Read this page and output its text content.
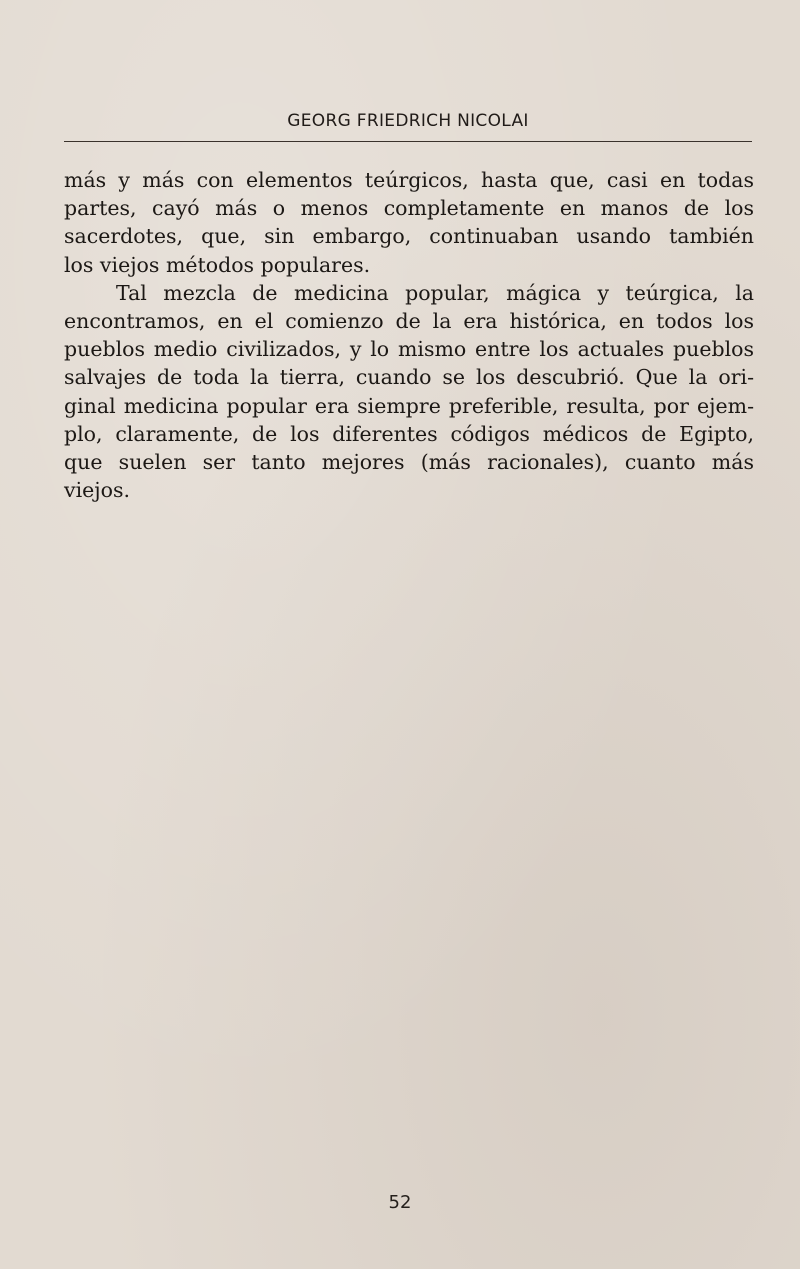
GEORG FRIEDRICH NICOLAI
más y más con elementos teúrgicos, hasta que, casi en todas
partes, cayó más o menos completamente en manos de los
sacerdotes, que, sin embargo, continuaban usando también
los viejos métodos populares.
Tal mezcla de medicina popular, mágica y teúrgica, la
encontramos, en el comienzo de la era histórica, en todos los
pueblos medio civilizados, y lo mismo entre los actuales pueblos
salvajes de toda la tierra, cuando se los descubrió. Que la ori-
ginal medicina popular era siempre preferible, resulta, por ejem-
plo, claramente, de los diferentes códigos médicos de Egipto,
que suelen ser tanto mejores (más racionales), cuanto más
viejos.
52
